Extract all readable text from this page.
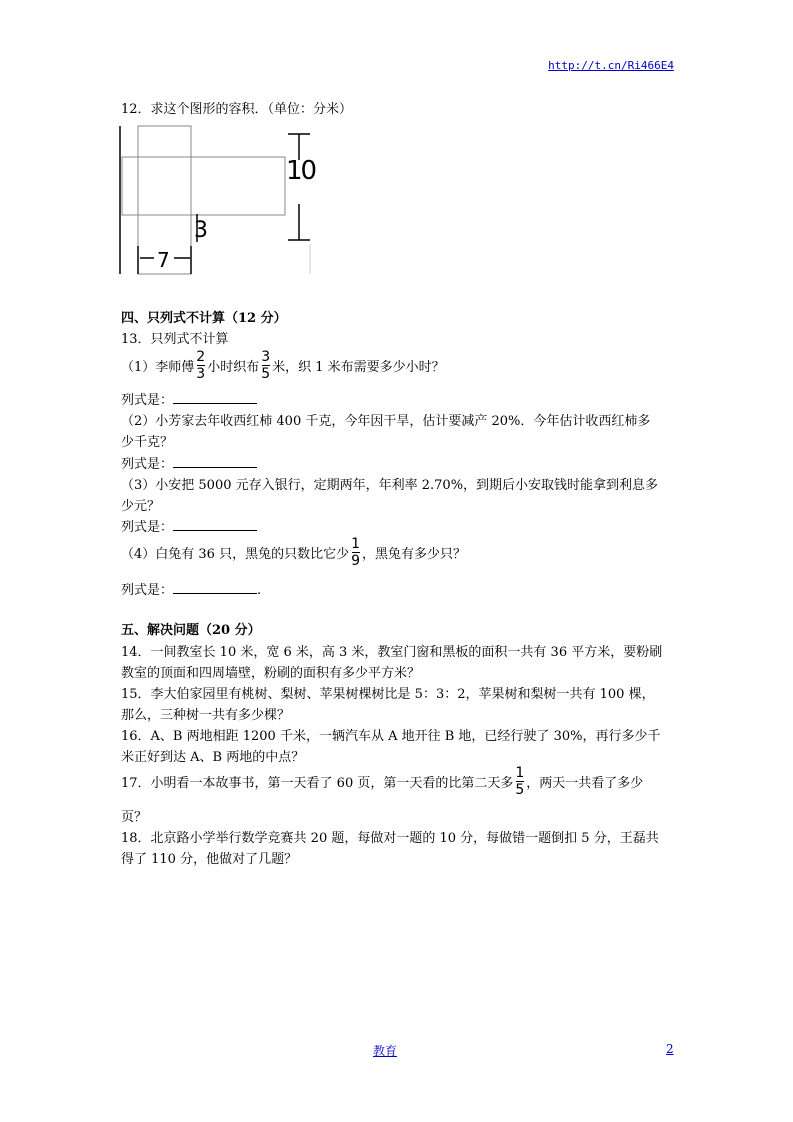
http://t.cn/Ri466E4
12．求这个图形的容积．（单位：分米）
10
3
7
四、只列式不计算（12 分）
13．只列式不计算
（1）李师傅 $\frac{2}{3}$ 小时织布 $\frac{3}{5}$ 米，织 1 米布需要多少小时？
列式是：
（2）小芳家去年收西红柿 400 千克，今年因干旱，估计要减产 20%．今年估计收西红柿多
少千克？
列式是：
（3）小安把 5000 元存入银行，定期两年，年利率 2.70%，到期后小安取钱时能拿到利息多
少元？
列式是：
（4）白兔有 36 只，黑兔的只数比它少 $\frac{1}{9}$ ，黑兔有多少只？
列式是：	.
五、解决问题（20 分）
14．一间教室长 10 米，宽 6 米，高 3 米，教室门窗和黑板的面积一共有 36 平方米，要粉刷
教室的顶面和四周墙壁，粉刷的面积有多少平方米？
15．李大伯家园里有桃树、梨树、苹果树棵树比是 5：3：2，苹果树和梨树一共有 100 棵，
那么，三种树一共有多少棵？
16．A、B 两地相距 1200 千米，一辆汽车从 A 地开往 B 地，已经行驶了 30%，再行多少千
米正好到达 A、B 两地的中点？
17．小明看一本故事书，第一天看了 60 页，第一天看的比第二天多 $\frac{1}{5}$ ，两天一共看了多少
页？
18．北京路小学举行数学竞赛共 20 题，每做对一题的 10 分，每做错一题倒扣 5 分，王磊共
得了 110 分，他做对了几题？
教育	2
